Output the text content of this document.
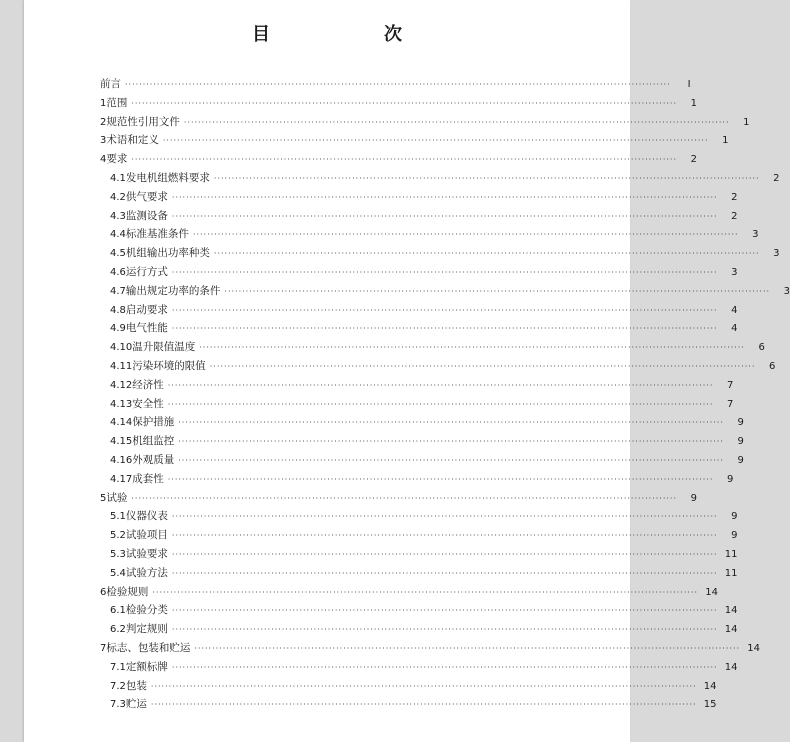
目　　次
前言 ··························································································································································	Ⅰ
1 范围 ··························································································································································	1
2 规范性引用文件 ··························································································································································	1
3 术语和定义 ··························································································································································	1
4 要求 ··························································································································································	2
4.1 发电机组燃料要求 ··························································································································································	2
4.2 供气要求 ··························································································································································	2
4.3 监测设备 ··························································································································································	2
4.4 标准基准条件 ··························································································································································	3
4.5 机组输出功率种类 ··························································································································································	3
4.6 运行方式 ··························································································································································	3
4.7 输出规定功率的条件 ··························································································································································	3
4.8 启动要求 ··························································································································································	4
4.9 电气性能 ··························································································································································	4
4.10 温升限值温度 ··························································································································································	6
4.11 污染环境的限值 ··························································································································································	6
4.12 经济性 ··························································································································································	7
4.13 安全性 ··························································································································································	7
4.14 保护措施 ··························································································································································	9
4.15 机组监控 ··························································································································································	9
4.16 外观质量 ··························································································································································	9
4.17 成套性 ··························································································································································	9
5 试验 ··························································································································································	9
5.1 仪器仪表 ··························································································································································	9
5.2 试验项目 ··························································································································································	9
5.3 试验要求 ·························································································································································· 11
5.4 试验方法 ·························································································································································· 11
6 检验规则 ·························································································································································· 14
6.1 检验分类 ·························································································································································· 14
6.2 判定规则 ·························································································································································· 14
7 标志、包装和贮运 ·························································································································································· 14
7.1 定额标牌 ·························································································································································· 14
7.2 包装 ·························································································································································· 14
7.3 贮运 ·························································································································································· 15
